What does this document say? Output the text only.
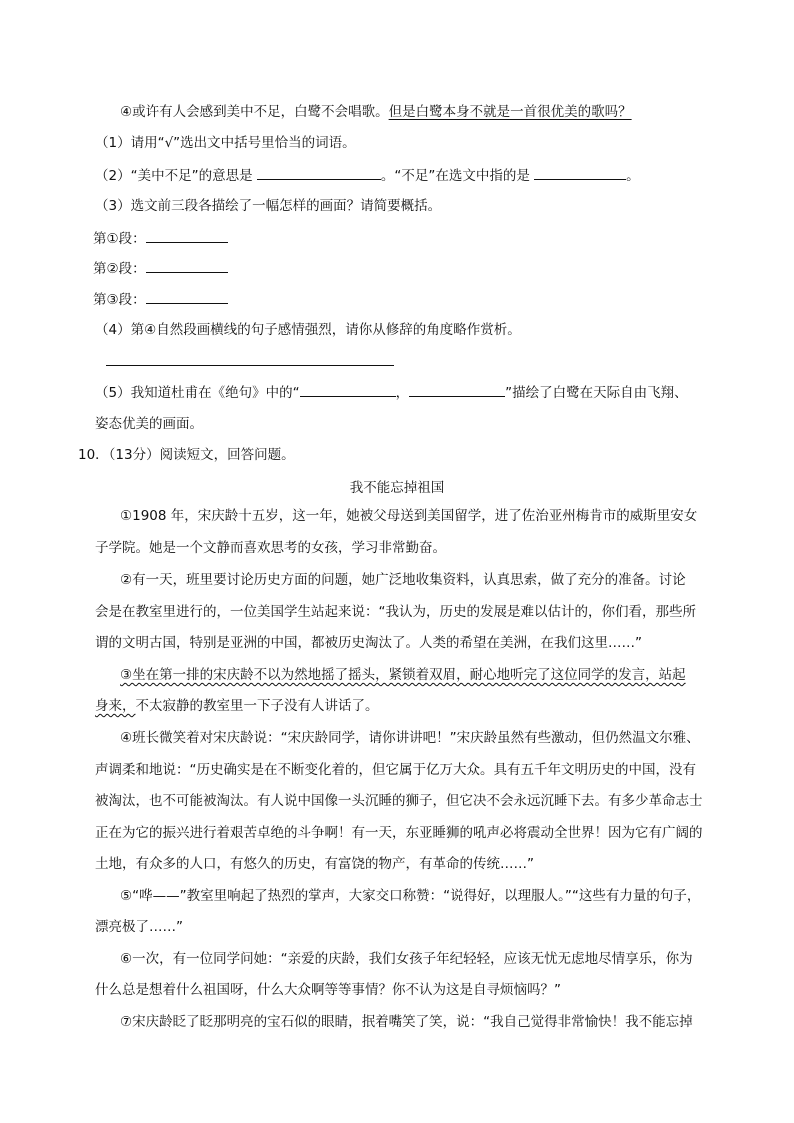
④或许有人会感到美中不足，白鹭不会唱歌。但是白鹭本身不就是一首很优美的歌吗？
（1）请用“√”选出文中括号里恰当的词语。
（2）“美中不足”的意思是	。“不足”在选文中指的是	。
（3）选文前三段各描绘了一幅怎样的画面？请简要概括。
第①段：
第②段：
第③段：
（4）第④自然段画横线的句子感情强烈，请你从修辞的角度略作赏析。
（5）我知道杜甫在《绝句》中的“	，	”描绘了白鹭在天际自由飞翔、
姿态优美的画面。
10．（13分）阅读短文，回答问题。
我不能忘掉祖国
①1908 年，宋庆龄十五岁，这一年，她被父母送到美国留学，进了佐治亚州梅肯市的威斯里安女
子学院。她是一个文静而喜欢思考的女孩，学习非常勤奋。
②有一天，班里要讨论历史方面的问题，她广泛地收集资料，认真思索，做了充分的准备。讨论
会是在教室里进行的，一位美国学生站起来说：“我认为，历史的发展是难以估计的，你们看，那些所
谓的文明古国，特别是亚洲的中国，都被历史淘汰了。人类的希望在美洲，在我们这里……”
③坐在第一排的宋庆龄不以为然地摇了摇头，紧锁着双眉，耐心地听完了这位同学的发言，站起
身来，不太寂静的教室里一下子没有人讲话了。
④班长微笑着对宋庆龄说：“宋庆龄同学，请你讲讲吧！”宋庆龄虽然有些激动，但仍然温文尔雅、
声调柔和地说：“历史确实是在不断变化着的，但它属于亿万大众。具有五千年文明历史的中国，没有
被淘汰，也不可能被淘汰。有人说中国像一头沉睡的狮子，但它决不会永远沉睡下去。有多少革命志士
正在为它的振兴进行着艰苦卓绝的斗争啊！有一天，东亚睡狮的吼声必将震动全世界！因为它有广阔的
土地，有众多的人口，有悠久的历史，有富饶的物产，有革命的传统……”
⑤“哗——”教室里响起了热烈的掌声，大家交口称赞：“说得好，以理服人。”“这些有力量的句子，
漂亮极了……”
⑥一次，有一位同学问她：“亲爱的庆龄，我们女孩子年纪轻轻，应该无忧无虑地尽情享乐，你为
什么总是想着什么祖国呀，什么大众啊等等事情？你不认为这是自寻烦恼吗？”
⑦宋庆龄眨了眨那明亮的宝石似的眼睛，抿着嘴笑了笑，说：“我自己觉得非常愉快！我不能忘掉
